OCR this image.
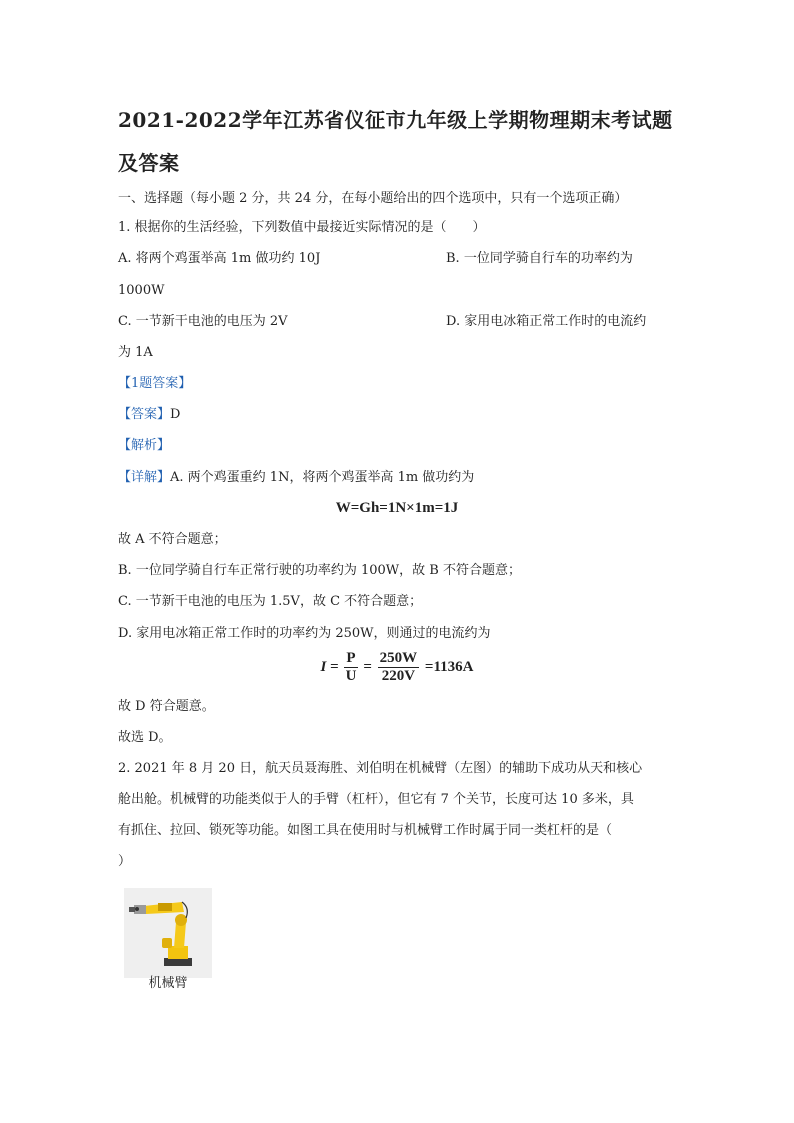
2021-2022学年江苏省仪征市九年级上学期物理期末考试题
及答案
一、选择题（每小题 2 分，共 24 分，在每小题给出的四个选项中，只有一个选项正确）
1. 根据你的生活经验，下列数值中最接近实际情况的是（　　）
A. 将两个鸡蛋举高 1m 做功约 10J	B. 一位同学骑自行车的功率约为
1000W
C. 一节新干电池的电压为 2V	D. 家用电冰箱正常工作时的电流约
为 1A
【1题答案】
【答案】D
【解析】
【详解】A. 两个鸡蛋重约 1N，将两个鸡蛋举高 1m 做功约为
W=Gh=1N×1m=1J
故 A 不符合题意；
B. 一位同学骑自行车正常行驶的功率约为 100W，故 B 不符合题意；
C. 一节新干电池的电压为 1.5V，故 C 不符合题意；
D. 家用电冰箱正常工作时的功率约为 250W，则通过的电流约为
$I = \frac{P}{U} = \frac{250W}{220V} =1136A$
故 D 符合题意。
故选 D。
2. 2021 年 8 月 20 日，航天员聂海胜、刘伯明在机械臂（左图）的辅助下成功从天和核心
舱出舱。机械臂的功能类似于人的手臂（杠杆），但它有 7 个关节，长度可达 10 多米，具
有抓住、拉回、锁死等功能。如图工具在使用时与机械臂工作时属于同一类杠杆的是（
）
机械臂
